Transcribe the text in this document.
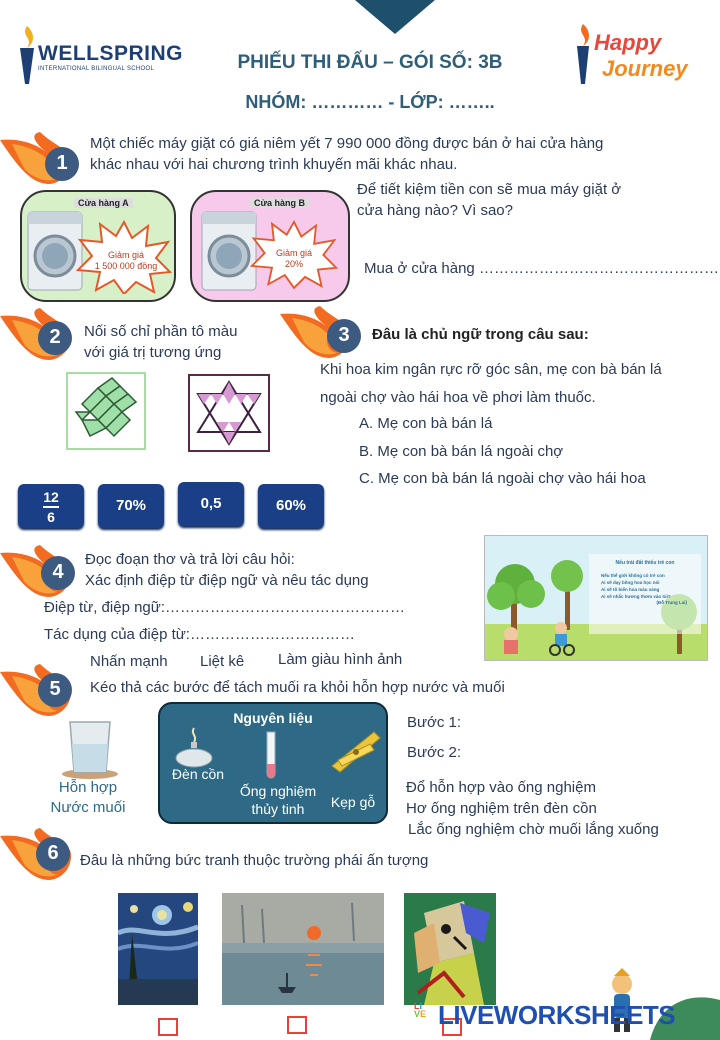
WELLSPRING
INTERNATIONAL BILINGUAL SCHOOL	PHIẾU THI ĐẤU – GÓI SỐ: 3B
NHÓM: ………… - LỚP: ……..
Happy
Journey
1
Một chiếc máy giặt có giá niêm yết 7 990 000 đồng được bán ở hai cửa hàng
khác nhau với hai chương trình khuyến mãi khác nhau.
Cửa hàng A
Giảm giá
1 500 000 đồng
Cửa hàng B
Giảm giá
20%
Để tiết kiệm tiền con sẽ mua máy giặt ở
cửa hàng nào? Vì sao?
Mua ở cửa hàng …………………………………………
2 Nối số chỉ phần tô màu
với giá trị tương ứng
12
6
70%	0,5	60%
3 Đâu là chủ ngữ trong câu sau:
Khi hoa kim ngân rực rỡ góc sân, mẹ con bà bán lá
ngoài chợ vào hái hoa về phơi làm thuốc.
A. Mẹ con bà bán lá
B. Mẹ con bà bán lá ngoài chợ
C. Mẹ con bà bán lá ngoài chợ vào hái hoa
4
Đọc đoạn thơ và trả lời câu hỏi:
Xác định điệp từ điệp ngữ và nêu tác dụng
Điệp từ, điệp ngữ:…………………………………………
Tác dụng của điệp từ:……………………………
Nếu trái đất thiếu trẻ con
Nếu thế giới không có trẻ con
Ai sẽ dạy bông hoa học nói
Ai sẽ tô biển hoa màu vàng
Ai sẽ nhắc hương thơm vào túi?
(Đỗ Trung Lai)
Nhấn mạnh Liệt kê Làm giàu hình ảnh
5 Kéo thả các bước để tách muối ra khỏi hỗn hợp nước và muối
Hỗn hợp
Nước muối
Nguyên liệu
Đèn cồn
Ống nghiệm
thủy tinh	Kẹp gỗ
Bước 1:
Bước 2:
Đổ hỗn hợp vào ống nghiệm
Hơ ống nghiệm trên đèn cồn
Lắc ống nghiệm chờ muối lắng xuống
6 Đâu là những bức tranh thuộc trường phái ấn tượng
LI
VE LIVEWORKSHEETS
